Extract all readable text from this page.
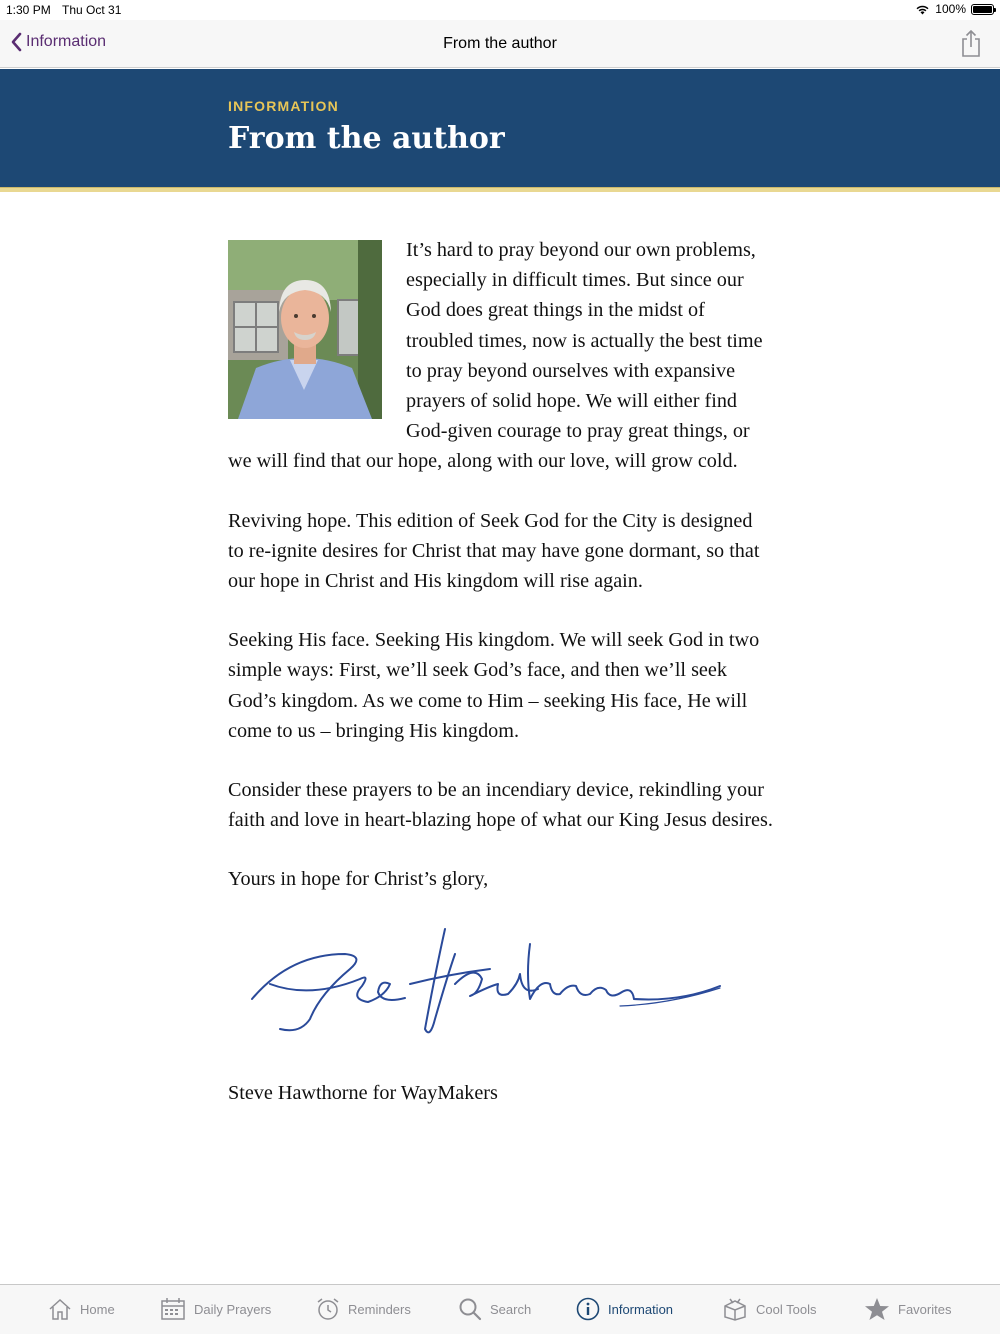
1:30 PM Thu Oct 31	100%
Information	From the author
INFORMATION
From the author

It’s hard to pray beyond our own problems, especially in difficult times. But since our God does great things in the midst of troubled times, now is actually the best time to pray beyond ourselves with expansive prayers of solid hope. We will either find God-given courage to pray great things, or we will find that our hope, along with our love, will grow cold.

Reviving hope. This edition of Seek God for the City is designed to re-ignite desires for Christ that may have gone dormant, so that our hope in Christ and His kingdom will rise again.

Seeking His face. Seeking His kingdom. We will seek God in two simple ways: First, we’ll seek God’s face, and then we’ll seek God’s kingdom. As we come to Him – seeking His face, He will come to us – bringing His kingdom.

Consider these prayers to be an incendiary device, rekindling your faith and love in heart-blazing hope of what our King Jesus desires.

Yours in hope for Christ’s glory,

Steve Hawthorne for WayMakers

Home	Daily Prayers	Reminders	Search	Information	Cool Tools	Favorites
